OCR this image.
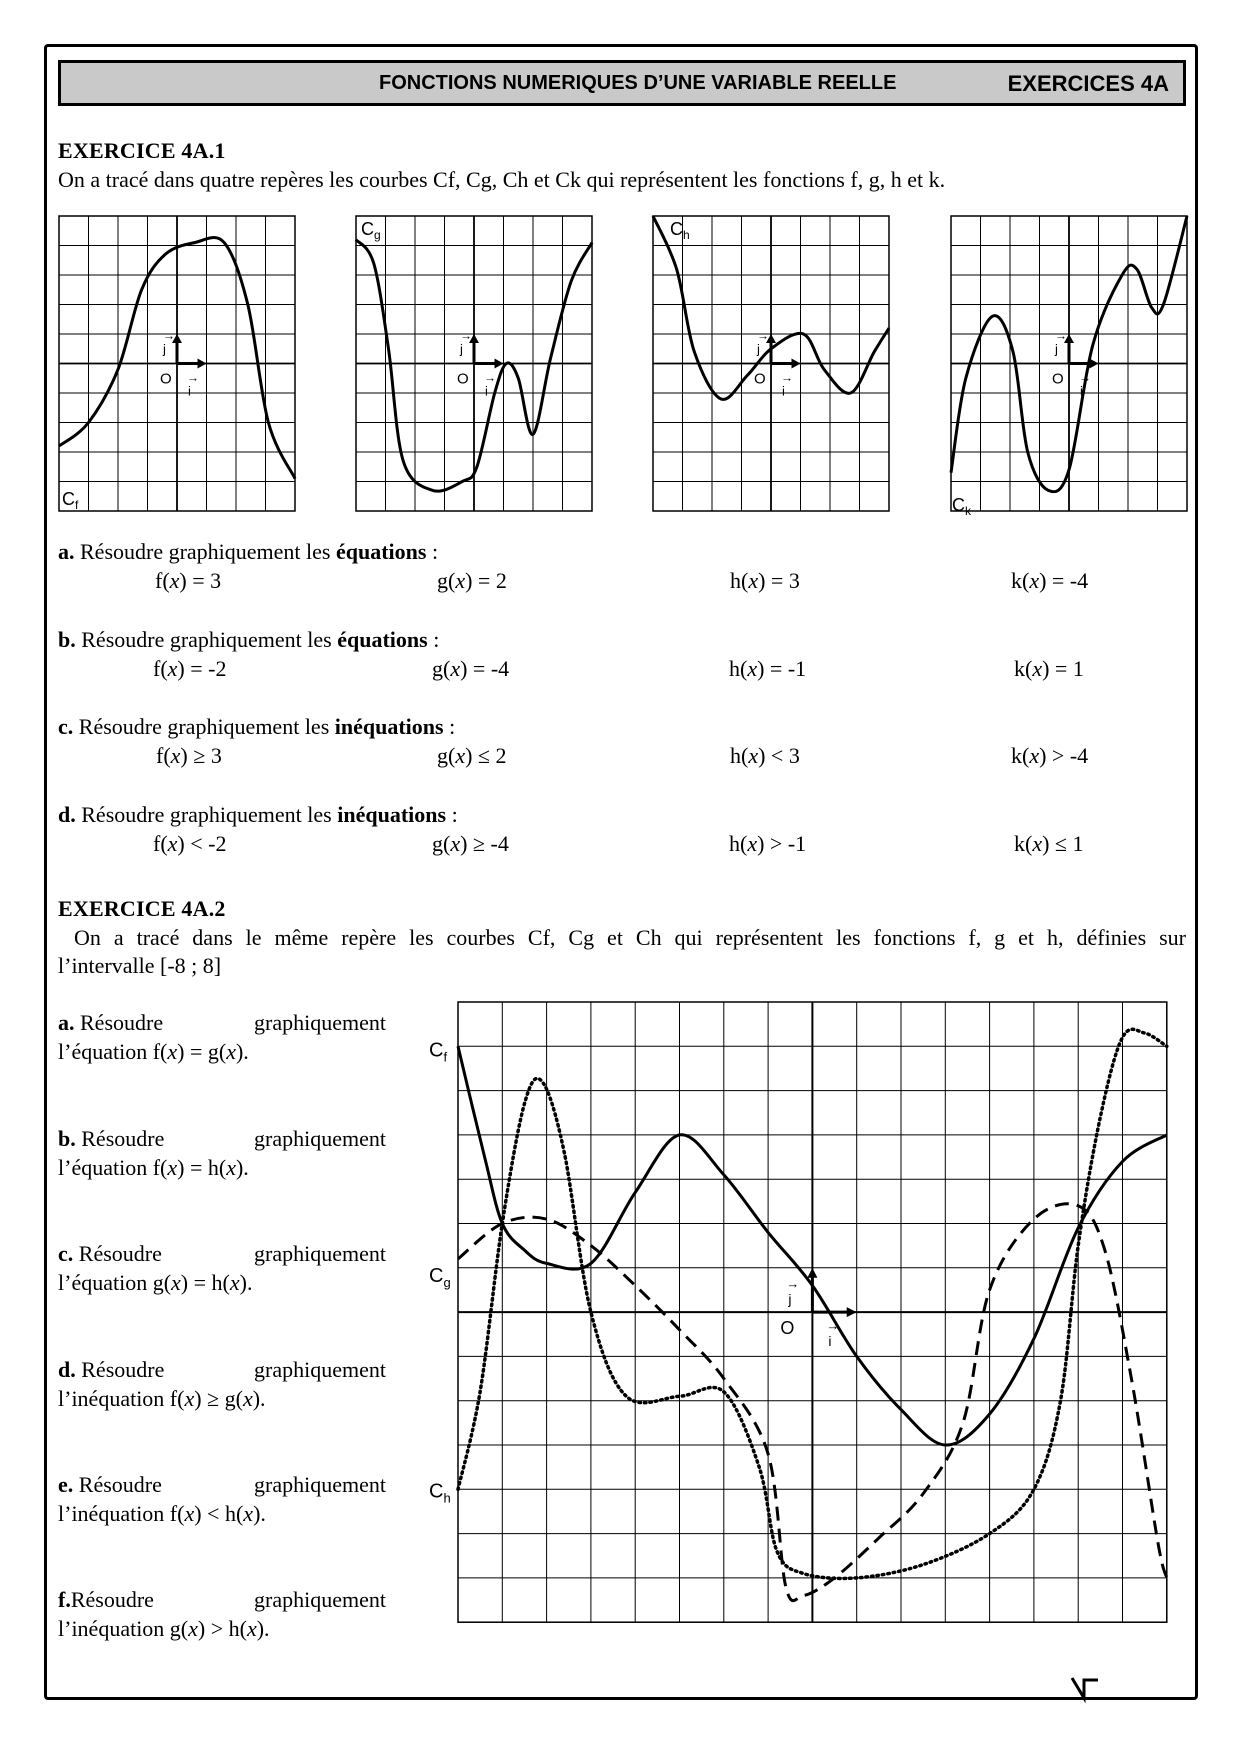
FONCTIONS NUMERIQUES D’UNE VARIABLE REELLE	EXERCICES 4A
EXERCICE 4A.1
On a tracé dans quatre repères les courbes Cf, Cg, Ch et Ck qui représentent les fonctions f, g, h et k.
O
i
→
j
→
$C_f$
O
i
→
j
→
$C_g$
O
i
→
j
→
$C_h$
O
i
→
j
→
$C_k$
a. Résoudre graphiquement les équations :
f(x) = 3	g(x) = 2	h(x) = 3	k(x) = -4
b. Résoudre graphiquement les équations :
f(x) = -2	g(x) = -4	h(x) = -1	k(x) = 1
c. Résoudre graphiquement les inéquations :
f(x) ≥ 3	g(x) ≤ 2	h(x) < 3	k(x) > -4
d. Résoudre graphiquement les inéquations :
f(x) < -2	g(x) ≥ -4	h(x) > -1	k(x) ≤ 1
EXERCICE 4A.2
On a tracé dans le même repère les courbes Cf, Cg et Ch qui représentent les fonctions f, g et h, définies sur
l’intervalle [-8 ; 8]
a. Résoudre	graphiquement
l’équation f(x) = g(x).
b. Résoudre	graphiquement
l’équation f(x) = h(x).
c. Résoudre	graphiquement
l’équation g(x) = h(x).
d. Résoudre	graphiquement
l’inéquation f(x) ≥ g(x).
e. Résoudre	graphiquement
l’inéquation f(x) < h(x).
f.Résoudre	graphiquement
l’inéquation g(x) > h(x).
O
i
→
j
→
$C_f$
$C_g$
$C_h$
